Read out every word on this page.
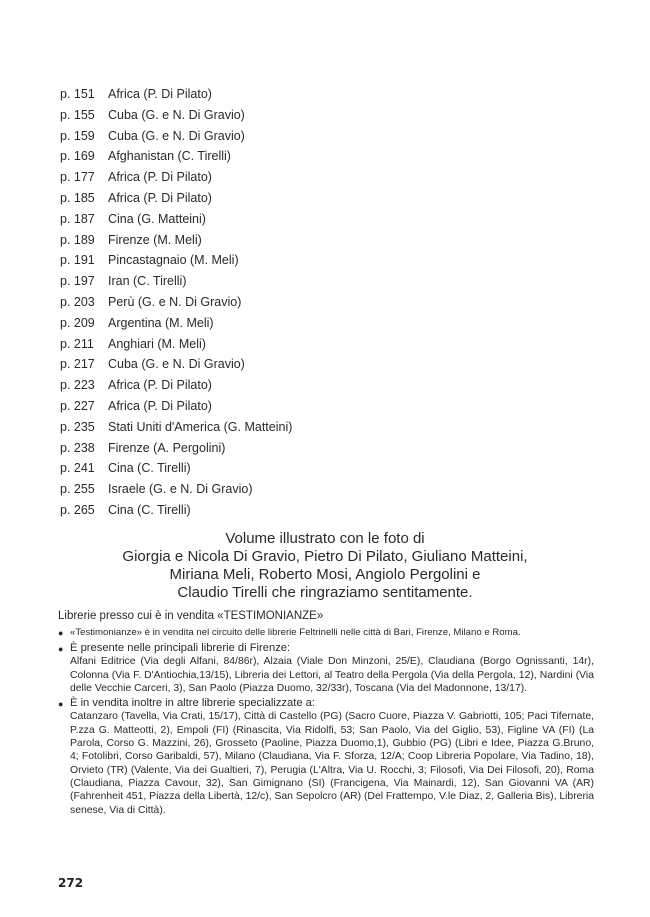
p. 151 Africa (P. Di Pilato)
p. 155 Cuba (G. e N. Di Gravio)
p. 159 Cuba (G. e N. Di Gravio)
p. 169 Afghanistan (C. Tirelli)
p. 177 Africa (P. Di Pilato)
p. 185 Africa (P. Di Pilato)
p. 187 Cina (G. Matteini)
p. 189 Firenze (M. Meli)
p. 191 Pincastagnaio (M. Meli)
p. 197 Iran (C. Tirelli)
p. 203 Perù (G. e N. Di Gravio)
p. 209 Argentina (M. Meli)
p. 211 Anghiari (M. Meli)
p. 217 Cuba (G. e N. Di Gravio)
p. 223 Africa (P. Di Pilato)
p. 227 Africa (P. Di Pilato)
p. 235 Stati Uniti d'America (G. Matteini)
p. 238 Firenze (A. Pergolini)
p. 241 Cina (C. Tirelli)
p. 255 Israele (G. e N. Di Gravio)
p. 265 Cina (C. Tirelli)
Volume illustrato con le foto di
Giorgia e Nicola Di Gravio, Pietro Di Pilato, Giuliano Matteini,
Miriana Meli, Roberto Mosi, Angiolo Pergolini e
Claudio Tirelli che ringraziamo sentitamente.
Librerie presso cui è in vendita «TESTIMONIANZE»
● «Testimonianze» è in vendita nel circuito delle librerie Feltrinelli nelle città di Bari, Firenze, Milano e Roma.
● È presente nelle principali librerie di Firenze:
Alfani Editrice (Via degli Alfani, 84/86r), Alzaia (Viale Don Minzoni, 25/E), Claudiana (Borgo Ognissanti, 14r), Colonna (Via F. D'Antiochia,13/15), Libreria dei Lettori, al Teatro della Pergola (Via della Pergola, 12), Nardini (Via delle Vecchie Carceri, 3), San Paolo (Piazza Duomo, 32/33r), Toscana (Via del Madonnone, 13/17).
● È in vendita inoltre in altre librerie specializzate a:
Catanzaro (Tavella, Via Crati, 15/17), Città di Castello (PG) (Sacro Cuore, Piazza V. Gabriotti, 105; Paci Tifernate, P.zza G. Matteotti, 2), Empoli (FI) (Rinascita, Via Ridolfi, 53; San Paolo, Via del Giglio, 53), Figline VA (FI) (La Parola, Corso G. Mazzini, 26), Grosseto (Paoline, Piazza Duomo,1), Gubbio (PG) (Libri e Idee, Piazza G.Bruno, 4; Fotolibri, Corso Garibaldi, 57), Milano (Claudiana, Via F. Sforza, 12/A; Coop Libreria Popolare, Via Tadino, 18), Orvieto (TR) (Valente, Via dei Gualtieri, 7), Perugia (L'Altra, Via U. Rocchi, 3; Filosofi, Via Dei Filosofi, 20), Roma (Claudiana, Piazza Cavour, 32), San Gimignano (SI) (Francigena, Via Mainardi, 12), San Giovanni VA (AR) (Fahrenheit 451, Piazza della Libertà, 12/c), San Sepolcro (AR) (Del Frattempo, V.le Diaz, 2, Galleria Bis), Libreria senese, Via di Città).
272
